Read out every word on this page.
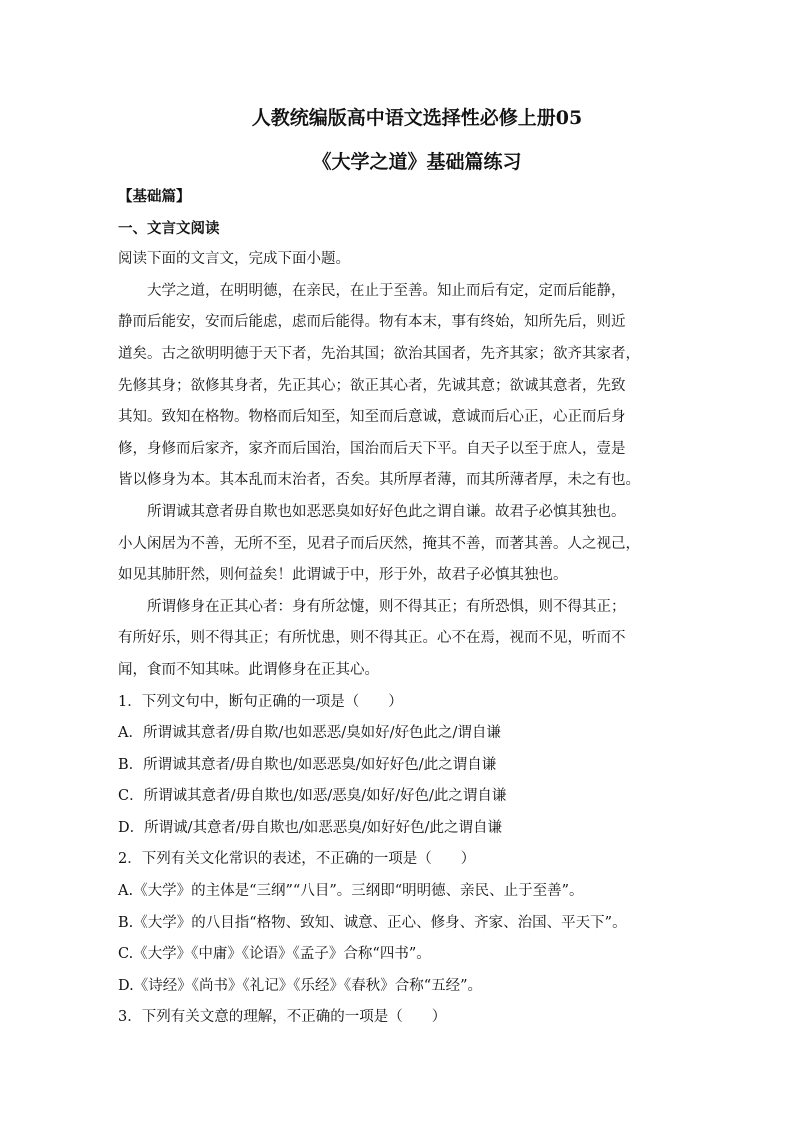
人教统编版高中语文选择性必修上册05
《大学之道》基础篇练习

【基础篇】

一、文言文阅读

阅读下面的文言文，完成下面小题。

大学之道，在明明德，在亲民，在止于至善。知止而后有定，定而后能静，

静而后能安，安而后能虑，虑而后能得。物有本末，事有终始，知所先后，则近

道矣。古之欲明明德于天下者，先治其国；欲治其国者，先齐其家；欲齐其家者，

先修其身；欲修其身者，先正其心；欲正其心者，先诚其意；欲诚其意者，先致

其知。致知在格物。物格而后知至，知至而后意诚，意诚而后心正，心正而后身

修，身修而后家齐，家齐而后国治，国治而后天下平。自天子以至于庶人，壹是

皆以修身为本。其本乱而末治者，否矣。其所厚者薄，而其所薄者厚，未之有也。

所谓诚其意者毋自欺也如恶恶臭如好好色此之谓自谦。故君子必慎其独也。

小人闲居为不善，无所不至，见君子而后厌然，掩其不善，而著其善。人之视己，

如见其肺肝然，则何益矣！此谓诚于中，形于外，故君子必慎其独也。

所谓修身在正其心者：身有所忿懥，则不得其正；有所恐惧，则不得其正；

有所好乐，则不得其正；有所忧患，则不得其正。心不在焉，视而不见，听而不

闻，食而不知其味。此谓修身在正其心。

1．下列文句中，断句正确的一项是（　　）

A．所谓诚其意者/毋自欺/也如恶恶/臭如好/好色此之/谓自谦

B．所谓诚其意者/毋自欺也/如恶恶臭/如好好色/此之谓自谦

C．所谓诚其意者/毋自欺也/如恶/恶臭/如好/好色/此之谓自谦

D．所谓诚/其意者/毋自欺也/如恶恶臭/如好好色/此之谓自谦

2．下列有关文化常识的表述，不正确的一项是（　　）

A.《大学》的主体是“三纲”“八目”。三纲即“明明德、亲民、止于至善”。

B.《大学》的八目指“格物、致知、诚意、正心、修身、齐家、治国、平天下”。

C.《大学》《中庸》《论语》《孟子》合称“四书”。

D.《诗经》《尚书》《礼记》《乐经》《春秋》合称“五经”。

3．下列有关文意的理解，不正确的一项是（　　）
